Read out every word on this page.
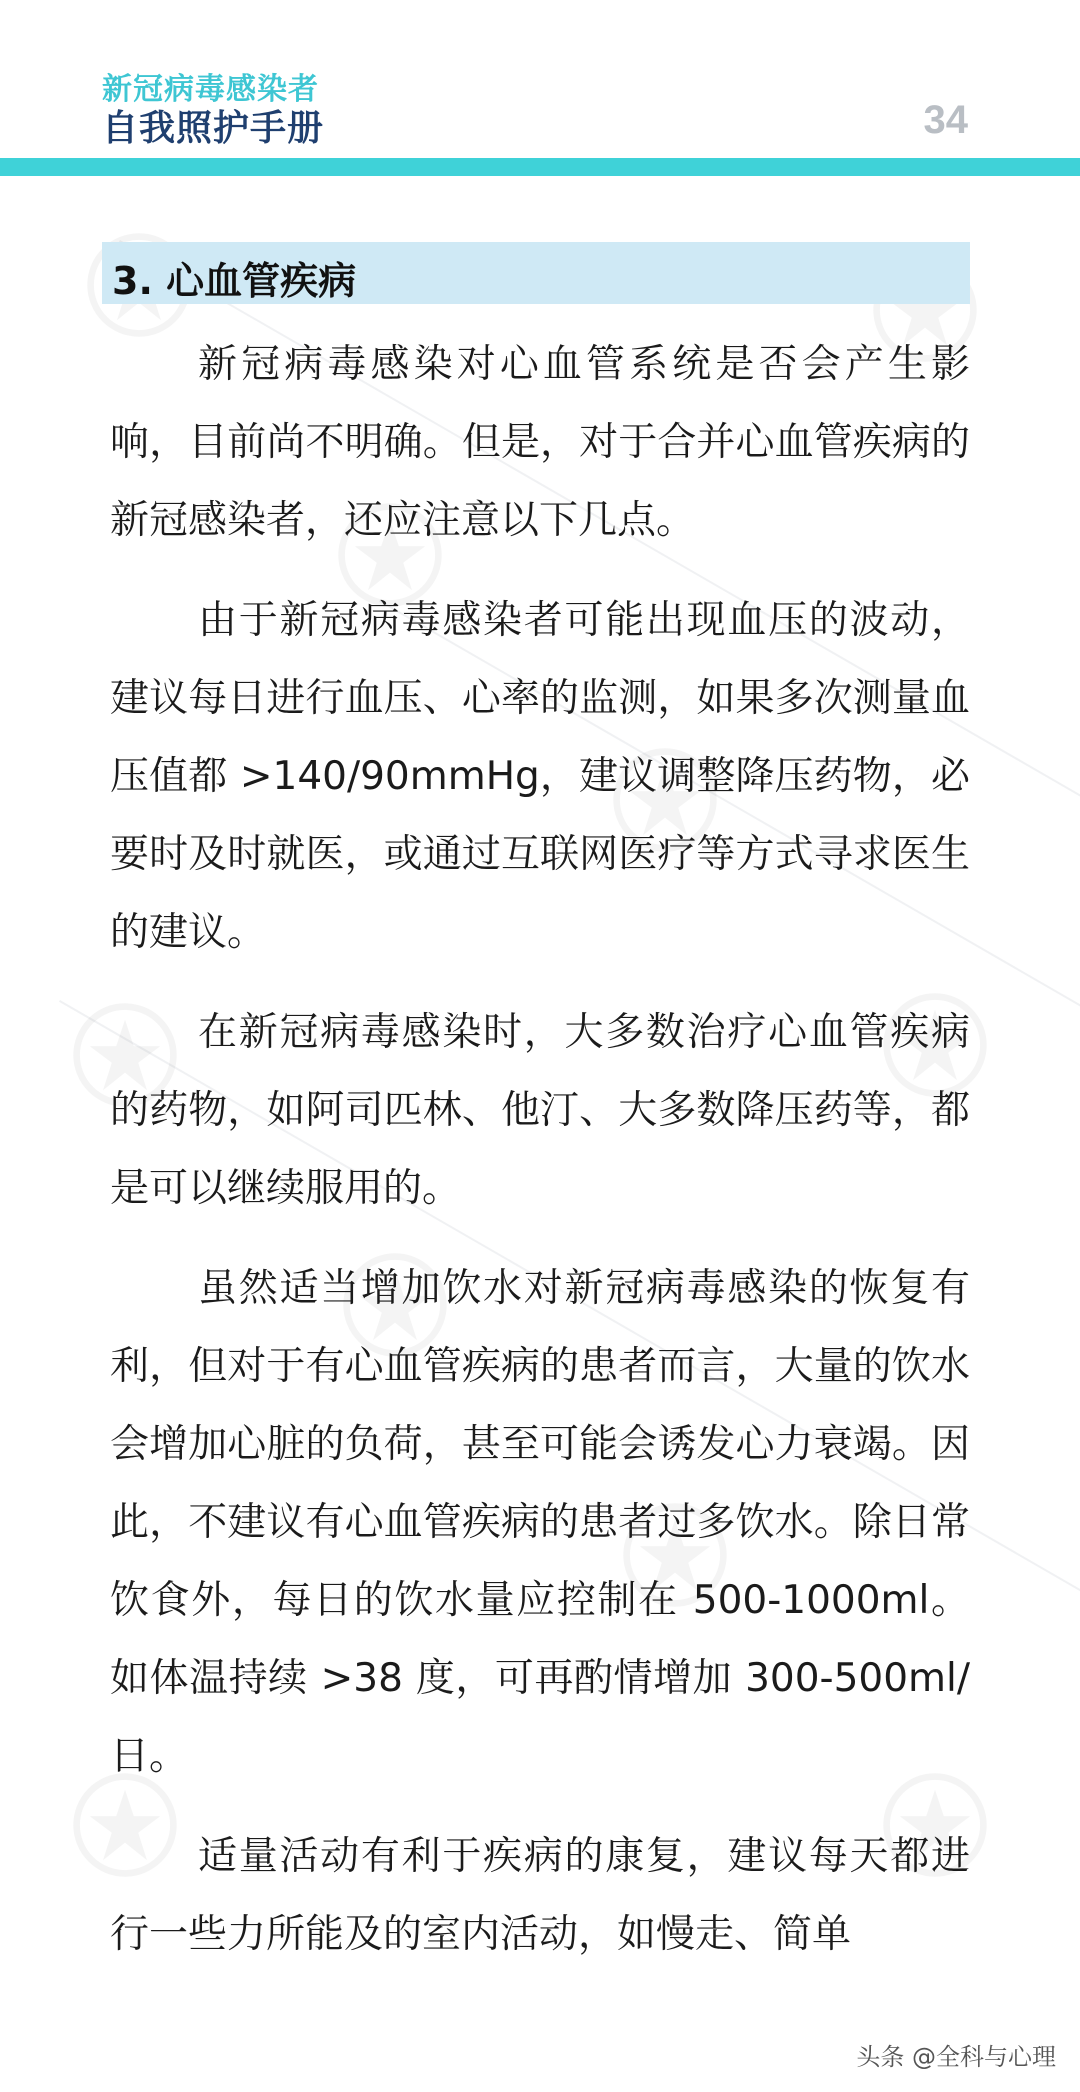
新冠病毒感染者
自我照护手册	34
3. 心血管疾病

新冠病毒感染对心血管系统是否会产生影响，目前尚不明确。但是，对于合并心血管疾病的新冠感染者，还应注意以下几点。

由于新冠病毒感染者可能出现血压的波动，建议每日进行血压、心率的监测，如果多次测量血压值都 >140/90mmHg，建议调整降压药物，必要时及时就医，或通过互联网医疗等方式寻求医生的建议。

在新冠病毒感染时，大多数治疗心血管疾病的药物，如阿司匹林、他汀、大多数降压药等，都是可以继续服用的。

虽然适当增加饮水对新冠病毒感染的恢复有利，但对于有心血管疾病的患者而言，大量的饮水会增加心脏的负荷，甚至可能会诱发心力衰竭。因此，不建议有心血管疾病的患者过多饮水。除日常饮食外，每日的饮水量应控制在 500-1000ml。如体温持续 >38 度，可再酌情增加 300-500ml/ 日。

适量活动有利于疾病的康复，建议每天都进行一些力所能及的室内活动，如慢走、简单

头条 @全科与心理
